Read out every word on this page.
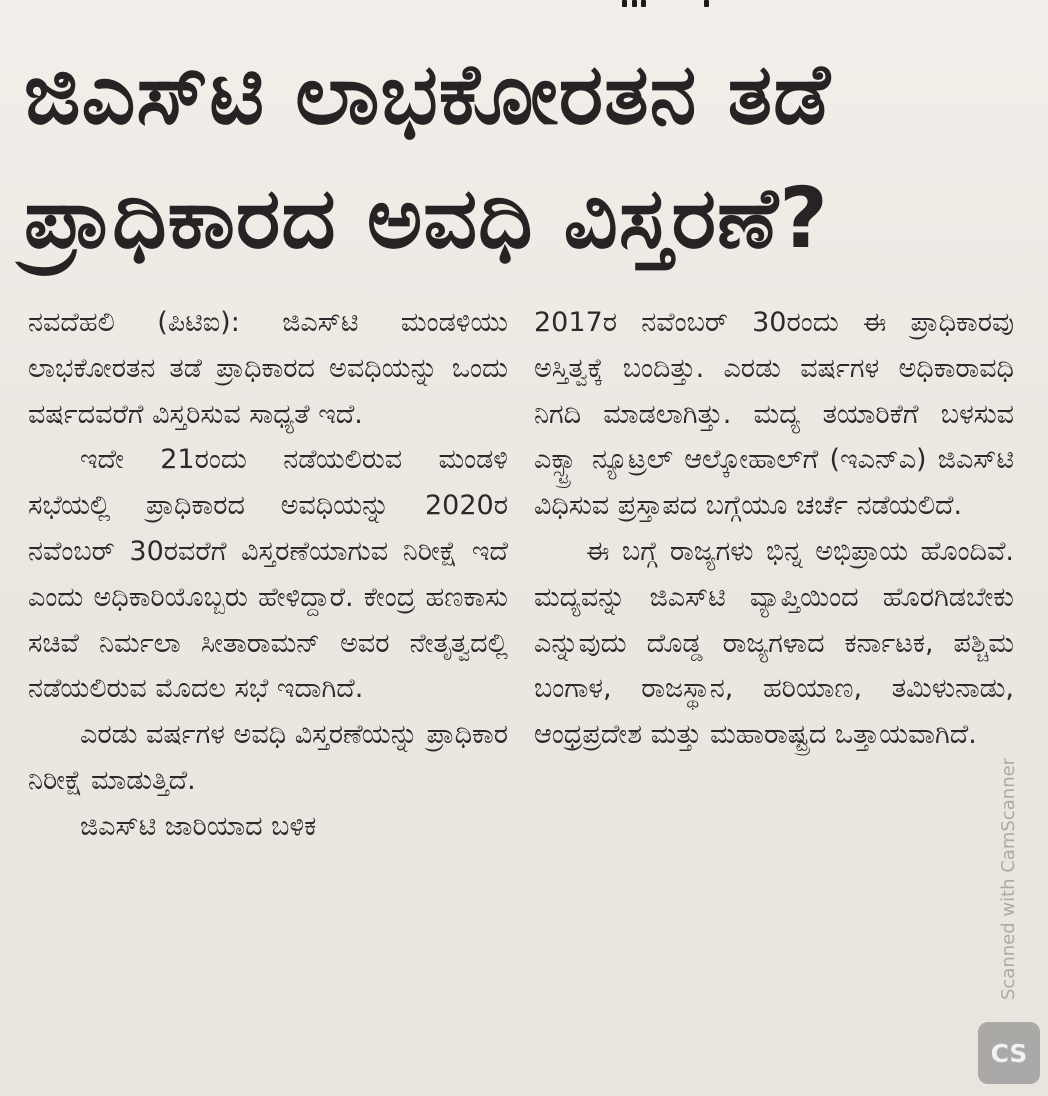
ಜಿಎಸ್‌ಟಿ ಲಾಭಕೋರತನ ತಡೆ
ಪ್ರಾಧಿಕಾರದ ಅವಧಿ ವಿಸ್ತರಣೆ?

ನವದೆಹಲಿ (ಪಿಟಿಐ): ಜಿಎಸ್‌ಟಿ ಮಂಡಳಿಯು ಲಾಭಕೋರತನ ತಡೆ ಪ್ರಾಧಿಕಾರದ ಅವಧಿಯನ್ನು ಒಂದು ವರ್ಷದವರೆಗೆ ವಿಸ್ತರಿಸುವ ಸಾಧ್ಯತೆ ಇದೆ.

ಇದೇ 21ರಂದು ನಡೆಯಲಿರುವ ಮಂಡಳಿ ಸಭೆಯಲ್ಲಿ ಪ್ರಾಧಿಕಾರದ ಅವಧಿಯನ್ನು 2020ರ ನವೆಂಬರ್ 30ರವರೆಗೆ ವಿಸ್ತರಣೆಯಾಗುವ ನಿರೀಕ್ಷೆ ಇದೆ ಎಂದು ಅಧಿಕಾರಿಯೊಬ್ಬರು ಹೇಳಿದ್ದಾರೆ. ಕೇಂದ್ರ ಹಣಕಾಸು ಸಚಿವೆ ನಿರ್ಮಲಾ ಸೀತಾರಾಮನ್ ಅವರ ನೇತೃತ್ವದಲ್ಲಿ ನಡೆಯಲಿರುವ ಮೊದಲ ಸಭೆ ಇದಾಗಿದೆ.

ಎರಡು ವರ್ಷಗಳ ಅವಧಿ ವಿಸ್ತರಣೆಯನ್ನು ಪ್ರಾಧಿಕಾರ ನಿರೀಕ್ಷೆ ಮಾಡುತ್ತಿದೆ.

ಜಿಎಸ್‌ಟಿ ಜಾರಿಯಾದ ಬಳಿಕ

2017ರ ನವೆಂಬರ್ 30ರಂದು ಈ ಪ್ರಾಧಿಕಾರವು ಅಸ್ತಿತ್ವಕ್ಕೆ ಬಂದಿತ್ತು. ಎರಡು ವರ್ಷಗಳ ಅಧಿಕಾರಾವಧಿ ನಿಗದಿ ಮಾಡಲಾಗಿತ್ತು. ಮದ್ಯ ತಯಾರಿಕೆಗೆ ಬಳಸುವ ಎಕ್ಸ್ಟ್ರಾ ನ್ಯೂಟ್ರಲ್ ಆಲ್ಕೋಹಾಲ್‌ಗೆ (ಇಎನ್‌ಎ) ಜಿಎಸ್‌ಟಿ ವಿಧಿಸುವ ಪ್ರಸ್ತಾಪದ ಬಗ್ಗೆಯೂ ಚರ್ಚೆ ನಡೆಯಲಿದೆ.

ಈ ಬಗ್ಗೆ ರಾಜ್ಯಗಳು ಭಿನ್ನ ಅಭಿಪ್ರಾಯ ಹೊಂದಿವೆ. ಮದ್ಯವನ್ನು ಜಿಎಸ್‌ಟಿ ವ್ಯಾಪ್ತಿಯಿಂದ ಹೊರಗಿಡಬೇಕು ಎನ್ನುವುದು ದೊಡ್ಡ ರಾಜ್ಯಗಳಾದ ಕರ್ನಾಟಕ, ಪಶ್ಚಿಮ ಬಂಗಾಳ, ರಾಜಸ್ಥಾನ, ಹರಿಯಾಣ, ತಮಿಳುನಾಡು, ಆಂಧ್ರಪ್ರದೇಶ ಮತ್ತು ಮಹಾರಾಷ್ಟ್ರದ ಒತ್ತಾಯವಾಗಿದೆ.

Scanned with CamScanner
CS
